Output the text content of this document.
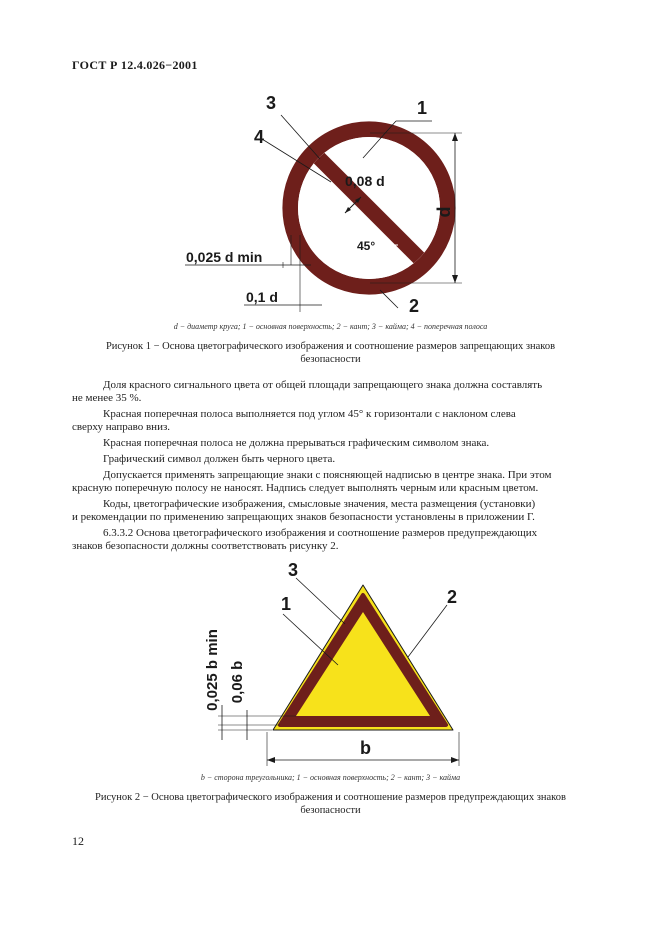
ГОСТ Р 12.4.026−2001
1
3
4
2
0,08 d
45°
0,025 d min
0,1 d
d
d − диаметр круга; 1 − основная поверхность; 2 − кант; 3 − кайма; 4 − поперечная полоса
Рисунок 1 − Основа цветографического изображения и соотношение размеров запрещающих знаков
безопасности
Доля красного сигнального цвета от общей площади запрещающего знака должна составлять
не менее 35 %.
Красная поперечная полоса выполняется под углом 45° к горизонтали с наклоном слева
сверху направо вниз.
Красная поперечная полоса не должна прерываться графическим символом знака.
Графический символ должен быть черного цвета.
Допускается применять запрещающие знаки с поясняющей надписью в центре знака. При этом
красную поперечную полосу не наносят. Надпись следует выполнять черным или красным цветом.
Коды, цветографические изображения, смысловые значения, места размещения (установки)
и рекомендации по применению запрещающих знаков безопасности установлены в приложении Г.
6.3.3.2 Основа цветографического изображения и соотношение размеров предупреждающих
знаков безопасности должны соответствовать рисунку 2.
3
1	2
b
0,025 b min 0,06 b
b − сторона треугольника; 1 − основная поверхность; 2 − кант; 3 − кайма
Рисунок 2 − Основа цветографического изображения и соотношение размеров предупреждающих знаков
безопасности
12
